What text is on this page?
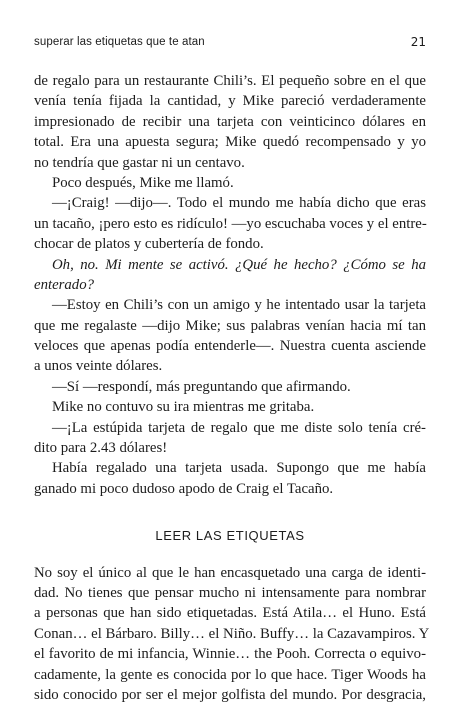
superar las etiquetas que te atan	21
de regalo para un restaurante Chili’s. El pequeño sobre en el que
venía tenía fijada la cantidad, y Mike pareció verdaderamente
impresionado de recibir una tarjeta con veinticinco dólares en
total. Era una apuesta segura; Mike quedó recompensado y yo
no tendría que gastar ni un centavo.
Poco después, Mike me llamó.
—¡Craig! —dijo—. Todo el mundo me había dicho que eras
un tacaño, ¡pero esto es ridículo! —yo escuchaba voces y el entre-
chocar de platos y cubertería de fondo.
Oh, no. Mi mente se activó. ¿Qué he hecho? ¿Cómo se ha
enterado?
—Estoy en Chili’s con un amigo y he intentado usar la tarjeta
que me regalaste —dijo Mike; sus palabras venían hacia mí tan
veloces que apenas podía entenderle—. Nuestra cuenta asciende
a unos veinte dólares.
—Sí —respondí, más preguntando que afirmando.
Mike no contuvo su ira mientras me gritaba.
—¡La estúpida tarjeta de regalo que me diste solo tenía cré-
dito para 2.43 dólares!
Había regalado una tarjeta usada. Supongo que me había
ganado mi poco dudoso apodo de Craig el Tacaño.
LEER LAS ETIQUETAS
No soy el único al que le han encasquetado una carga de identi-
dad. No tienes que pensar mucho ni intensamente para nombrar
a personas que han sido etiquetadas. Está Atila… el Huno. Está
Conan… el Bárbaro. Billy… el Niño. Buffy… la Cazavampiros. Y
el favorito de mi infancia, Winnie… the Pooh. Correcta o equivo-
cadamente, la gente es conocida por lo que hace. Tiger Woods ha
sido conocido por ser el mejor golfista del mundo. Por desgracia,
